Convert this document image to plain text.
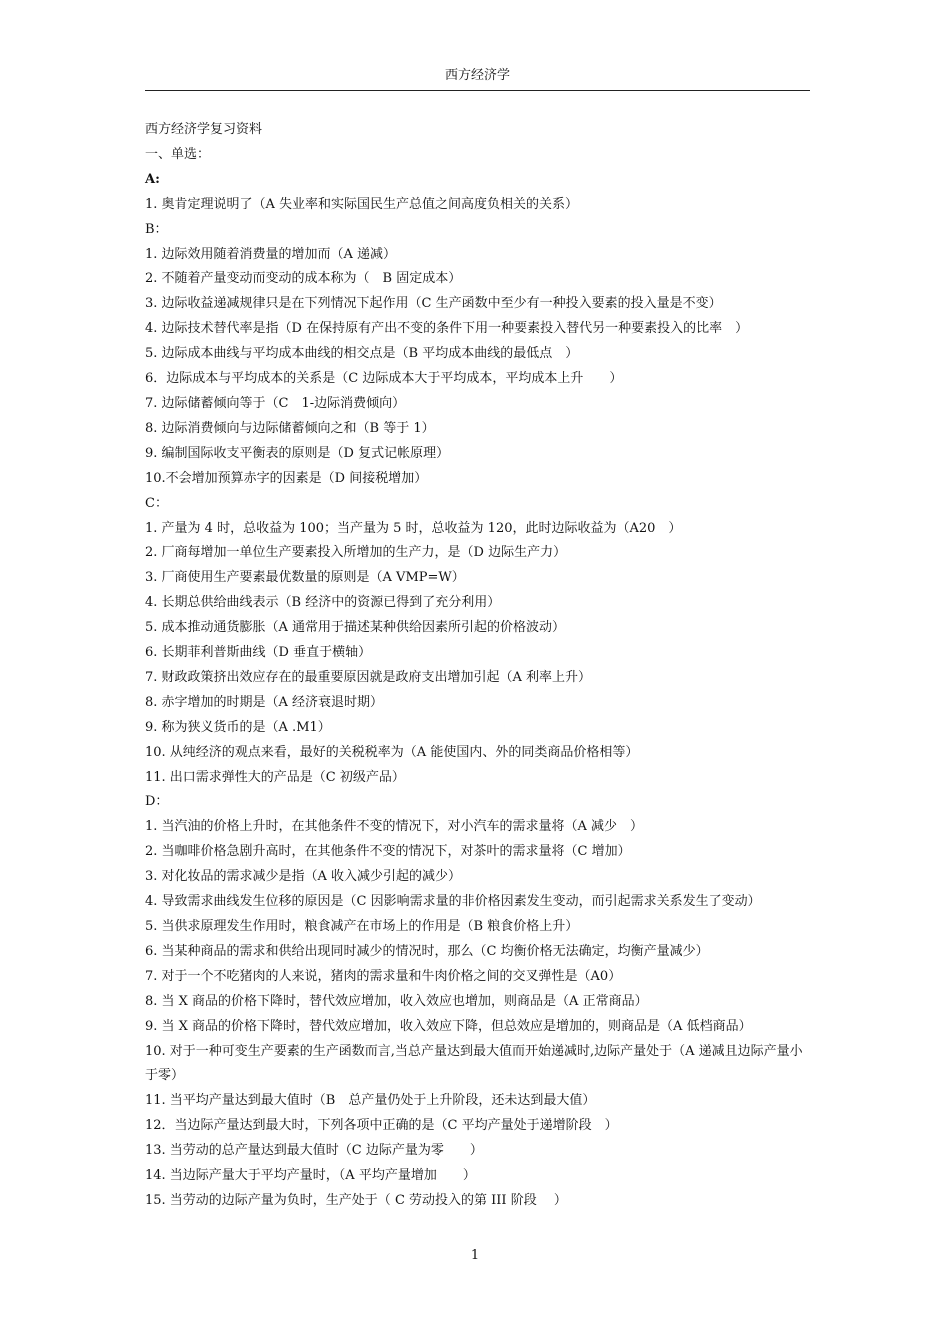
西方经济学
西方经济学复习资料
一、单选：
A:
1. 奥肯定理说明了（A 失业率和实际国民生产总值之间高度负相关的关系）
B：
1. 边际效用随着消费量的增加而（A 递减）
2. 不随着产量变动而变动的成本称为（　B 固定成本）
3. 边际收益递减规律只是在下列情况下起作用（C 生产函数中至少有一种投入要素的投入量是不变）
4. 边际技术替代率是指（D 在保持原有产出不变的条件下用一种要素投入替代另一种要素投入的比率　）
5. 边际成本曲线与平均成本曲线的相交点是（B 平均成本曲线的最低点　）
6．边际成本与平均成本的关系是（C 边际成本大于平均成本，平均成本上升　　）
7. 边际储蓄倾向等于（C　1-边际消费倾向）
8. 边际消费倾向与边际储蓄倾向之和（B 等于 1）
9. 编制国际收支平衡表的原则是（D 复式记帐原理）
10.不会增加预算赤字的因素是（D 间接税增加）
C：
1. 产量为 4 时，总收益为 100；当产量为 5 时，总收益为 120，此时边际收益为（A20　）
2. 厂商每增加一单位生产要素投入所增加的生产力，是（D 边际生产力）
3. 厂商使用生产要素最优数量的原则是（A VMP=W）
4. 长期总供给曲线表示（B 经济中的资源已得到了充分利用）
5. 成本推动通货膨胀（A 通常用于描述某种供给因素所引起的价格波动）
6. 长期菲利普斯曲线（D 垂直于横轴）
7. 财政政策挤出效应存在的最重要原因就是政府支出增加引起（A 利率上升）
8. 赤字增加的时期是（A 经济衰退时期）
9. 称为狭义货币的是（A .M1）
10. 从纯经济的观点来看，最好的关税税率为（A 能使国内、外的同类商品价格相等）
11. 出口需求弹性大的产品是（C 初级产品）
D：
1. 当汽油的价格上升时，在其他条件不变的情况下，对小汽车的需求量将（A 减少　）
2. 当咖啡价格急剧升高时，在其他条件不变的情况下，对茶叶的需求量将（C 增加）
3. 对化妆品的需求减少是指（A 收入减少引起的减少）
4. 导致需求曲线发生位移的原因是（C 因影响需求量的非价格因素发生变动，而引起需求关系发生了变动）
5. 当供求原理发生作用时，粮食减产在市场上的作用是（B 粮食价格上升）
6. 当某种商品的需求和供给出现同时减少的情况时，那么（C 均衡价格无法确定，均衡产量减少）
7. 对于一个不吃猪肉的人来说，猪肉的需求量和牛肉价格之间的交叉弹性是（A0）
8. 当 X 商品的价格下降时，替代效应增加，收入效应也增加，则商品是（A 正常商品）
9. 当 X 商品的价格下降时，替代效应增加，收入效应下降，但总效应是增加的，则商品是（A 低档商品）
10. 对于一种可变生产要素的生产函数而言,当总产量达到最大值而开始递减时,边际产量处于（A 递减且边际产量小于零）
11. 当平均产量达到最大值时（B　总产量仍处于上升阶段，还未达到最大值）
12．当边际产量达到最大时，下列各项中正确的是（C 平均产量处于递增阶段　）
13. 当劳动的总产量达到最大值时（C 边际产量为零　　）
14. 当边际产量大于平均产量时，（A 平均产量增加　　）
15. 当劳动的边际产量为负时，生产处于（ C 劳动投入的第 III 阶段　 ）
1
